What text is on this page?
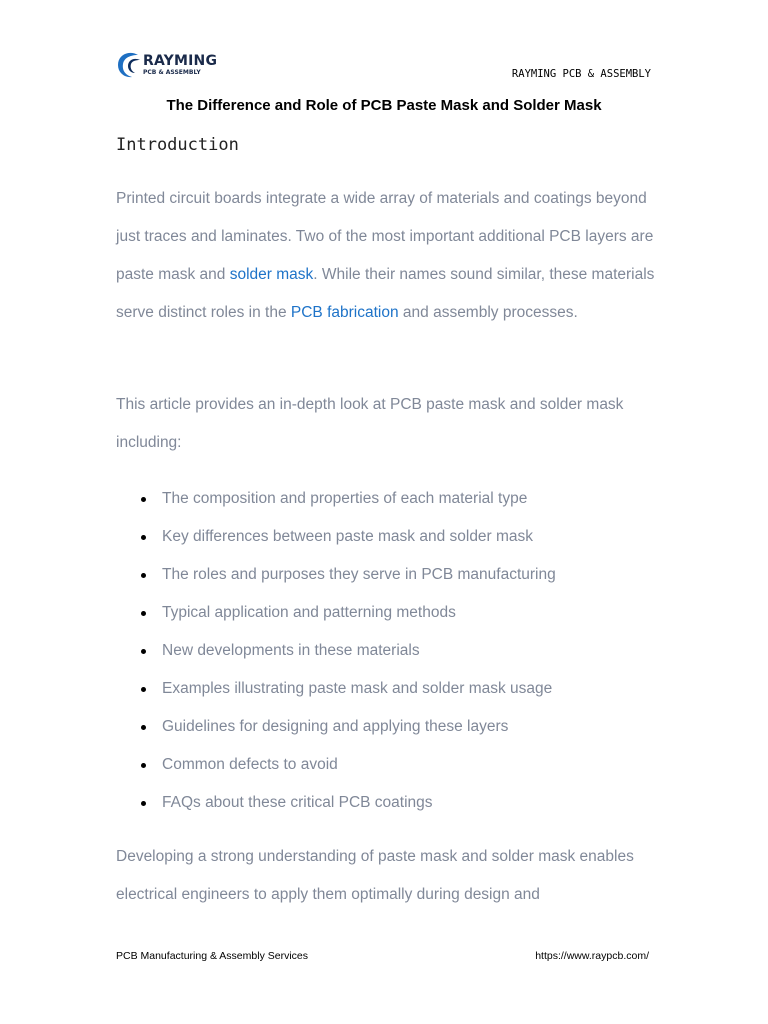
RAYMING
PCB & ASSEMBLY	RAYMING PCB & ASSEMBLY
The Difference and Role of PCB Paste Mask and Solder Mask
Introduction

Printed circuit boards integrate a wide array of materials and coatings beyond just traces and laminates. Two of the most important additional PCB layers are paste mask and solder mask. While their names sound similar, these materials serve distinct roles in the PCB fabrication and assembly processes.

This article provides an in-depth look at PCB paste mask and solder mask including:

The composition and properties of each material type
Key differences between paste mask and solder mask
The roles and purposes they serve in PCB manufacturing
Typical application and patterning methods
New developments in these materials
Examples illustrating paste mask and solder mask usage
Guidelines for designing and applying these layers
Common defects to avoid
FAQs about these critical PCB coatings

Developing a strong understanding of paste mask and solder mask enables electrical engineers to apply them optimally during design and

PCB Manufacturing & Assembly Services	https://www.raypcb.com/
